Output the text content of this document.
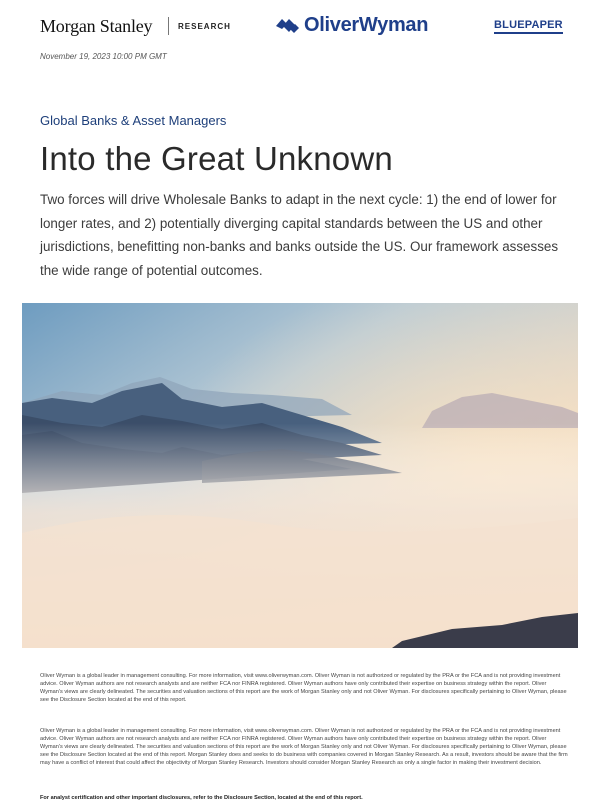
Morgan Stanley	RESEARCH	OliverWyman	BLUEPAPER
November 19, 2023 10:00 PM GMT
Global Banks & Asset Managers
Into the Great Unknown
Two forces will drive Wholesale Banks to adapt in the next cycle: 1) the end of lower for longer rates, and 2) potentially diverging capital standards between the US and other jurisdictions, benefitting non-banks and banks outside the US. Our framework assesses the wide range of potential outcomes.
Oliver Wyman is a global leader in management consulting. For more information, visit www.oliverwyman.com. Oliver Wyman is not authorized or regulated by the PRA or the FCA and is not providing investment advice. Oliver Wyman authors are not research analysts and are neither FCA nor FINRA registered. Oliver Wyman authors have only contributed their expertise on business strategy within the report. Oliver Wyman's views are clearly delineated. The securities and valuation sections of this report are the work of Morgan Stanley only and not Oliver Wyman. For disclosures specifically pertaining to Oliver Wyman, please see the Disclosure Section located at the end of this report.
Oliver Wyman is a global leader in management consulting. For more information, visit www.oliverwyman.com. Oliver Wyman is not authorized or regulated by the PRA or the FCA and is not providing investment advice. Oliver Wyman authors are not research analysts and are neither FCA nor FINRA registered. Oliver Wyman authors have only contributed their expertise on business strategy within the report. Oliver Wyman's views are clearly delineated. The securities and valuation sections of this report are the work of Morgan Stanley only and not Oliver Wyman. For disclosures specifically pertaining to Oliver Wyman, please see the Disclosure Section located at the end of this report. Morgan Stanley does and seeks to do business with companies covered in Morgan Stanley Research. As a result, investors should be aware that the firm may have a conflict of interest that could affect the objectivity of Morgan Stanley Research. Investors should consider Morgan Stanley Research as only a single factor in making their investment decision.
For analyst certification and other important disclosures, refer to the Disclosure Section, located at the end of this report.
